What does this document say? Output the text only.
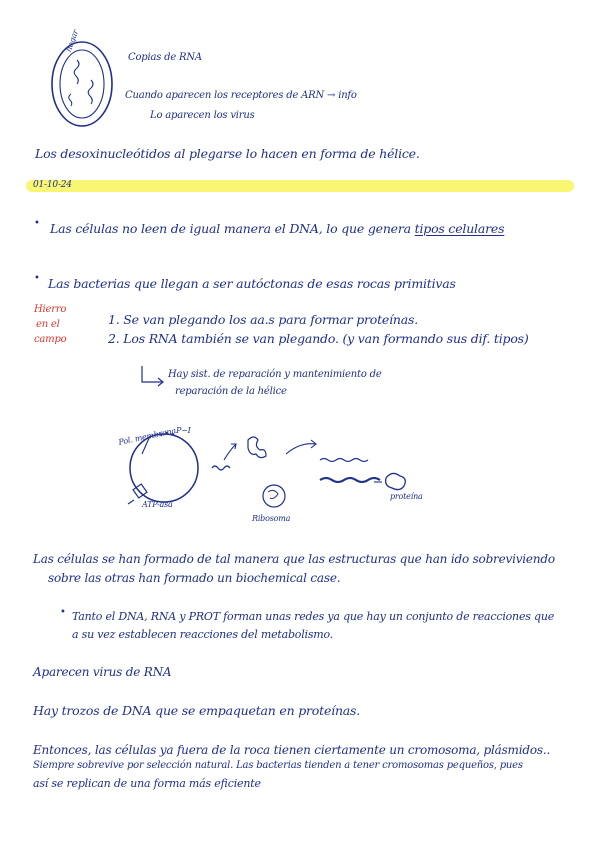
hogar
Copias de RNA
Cuando aparecen los receptores de ARN → info
Lo aparecen los virus
Los desoxinucleótidos al plegarse lo hacen en forma de hélice.
01-10-24
• Las células no leen de igual manera el DNA, lo que genera tipos celulares
• Las bacterias que llegan a ser autóctonas de esas rocas primitivas
Hierro
en el
campo
1. Se van plegando los aa.s para formar proteínas.
2. Los RNA también se van plegando. (y van formando sus dif. tipos)
Hay sist. de reparación y mantenimiento de
reparación de la hélice
Pol. membrana P~I
ATP-asa
Ribosoma
proteína
Las células se han formado de tal manera que las estructuras que han ido sobreviviendo
sobre las otras han formado un biochemical case.
• Tanto el DNA, RNA y PROT forman unas redes ya que hay un conjunto de reacciones que
a su vez establecen reacciones del metabolismo.
Aparecen virus de RNA
Hay trozos de DNA que se empaquetan en proteínas.
Entonces, las células ya fuera de la roca tienen ciertamente un cromosoma, plásmidos..
Siempre sobrevive por selección natural. Las bacterias tienden a tener cromosomas pequeños, pues
así se replican de una forma más eficiente
